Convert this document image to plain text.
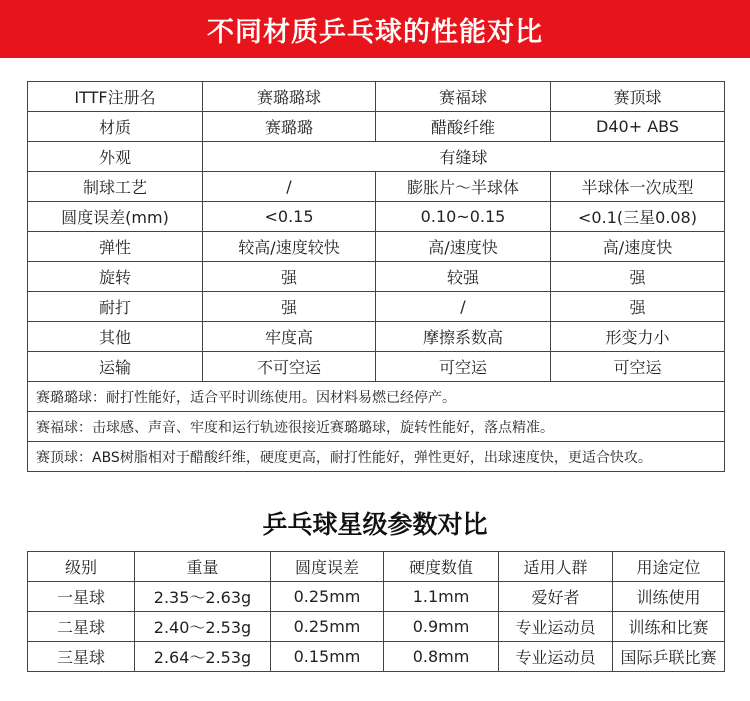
不同材质乒乓球的性能对比
ITTF注册名	赛璐璐球	赛福球	赛顶球
材质	赛璐璐	醋酸纤维	D40+ ABS
外观	有缝球		
制球工艺	/	膨胀片～半球体	半球体一次成型
圆度误差(mm)	<0.15	0.10~0.15	<0.1(三星0.08)
弹性	较高/速度较快	高/速度快	高/速度快
旋转	强	较强	强
耐打	强	/	强
其他	牢度高	摩擦系数高	形变力小
运输	不可空运	可空运	可空运
赛璐璐球：耐打性能好，适合平时训练使用。因材料易燃已经停产。			
赛福球：击球感、声音、牢度和运行轨迹很接近赛璐璐球，旋转性能好，落点精准。			
赛顶球：ABS树脂相对于醋酸纤维，硬度更高，耐打性能好，弹性更好，出球速度快，更适合快攻。			
乒乓球星级参数对比
级别	重量	圆度误差	硬度数值	适用人群	用途定位
一星球	2.35～2.63g	0.25mm	1.1mm	爱好者	训练使用
二星球	2.40～2.53g	0.25mm	0.9mm	专业运动员	训练和比赛
三星球	2.64～2.53g	0.15mm	0.8mm	专业运动员	国际乒联比赛
